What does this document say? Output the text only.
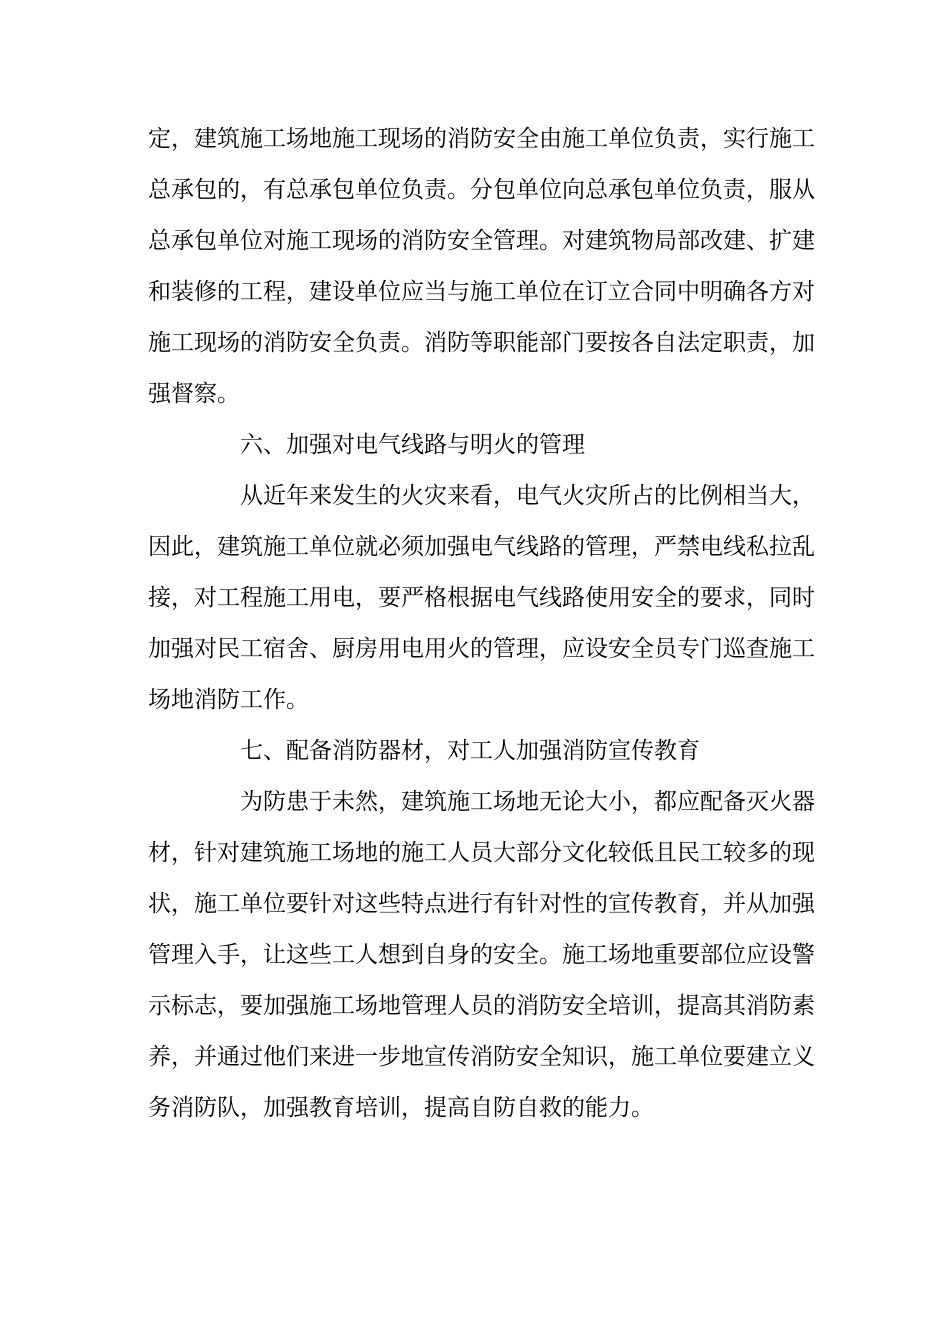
定，建筑施工场地施工现场的消防安全由施工单位负责，实行施工
总承包的，有总承包单位负责。分包单位向总承包单位负责，服从
总承包单位对施工现场的消防安全管理。对建筑物局部改建、扩建
和装修的工程，建设单位应当与施工单位在订立合同中明确各方对
施工现场的消防安全负责。消防等职能部门要按各自法定职责，加
强督察。
六、加强对电气线路与明火的管理
从近年来发生的火灾来看，电气火灾所占的比例相当大，
因此，建筑施工单位就必须加强电气线路的管理，严禁电线私拉乱
接，对工程施工用电，要严格根据电气线路使用安全的要求，同时
加强对民工宿舍、厨房用电用火的管理，应设安全员专门巡查施工
场地消防工作。
七、配备消防器材，对工人加强消防宣传教育
为防患于未然，建筑施工场地无论大小，都应配备灭火器
材，针对建筑施工场地的施工人员大部分文化较低且民工较多的现
状，施工单位要针对这些特点进行有针对性的宣传教育，并从加强
管理入手，让这些工人想到自身的安全。施工场地重要部位应设警
示标志，要加强施工场地管理人员的消防安全培训，提高其消防素
养，并通过他们来进一步地宣传消防安全知识，施工单位要建立义
务消防队，加强教育培训，提高自防自救的能力。
